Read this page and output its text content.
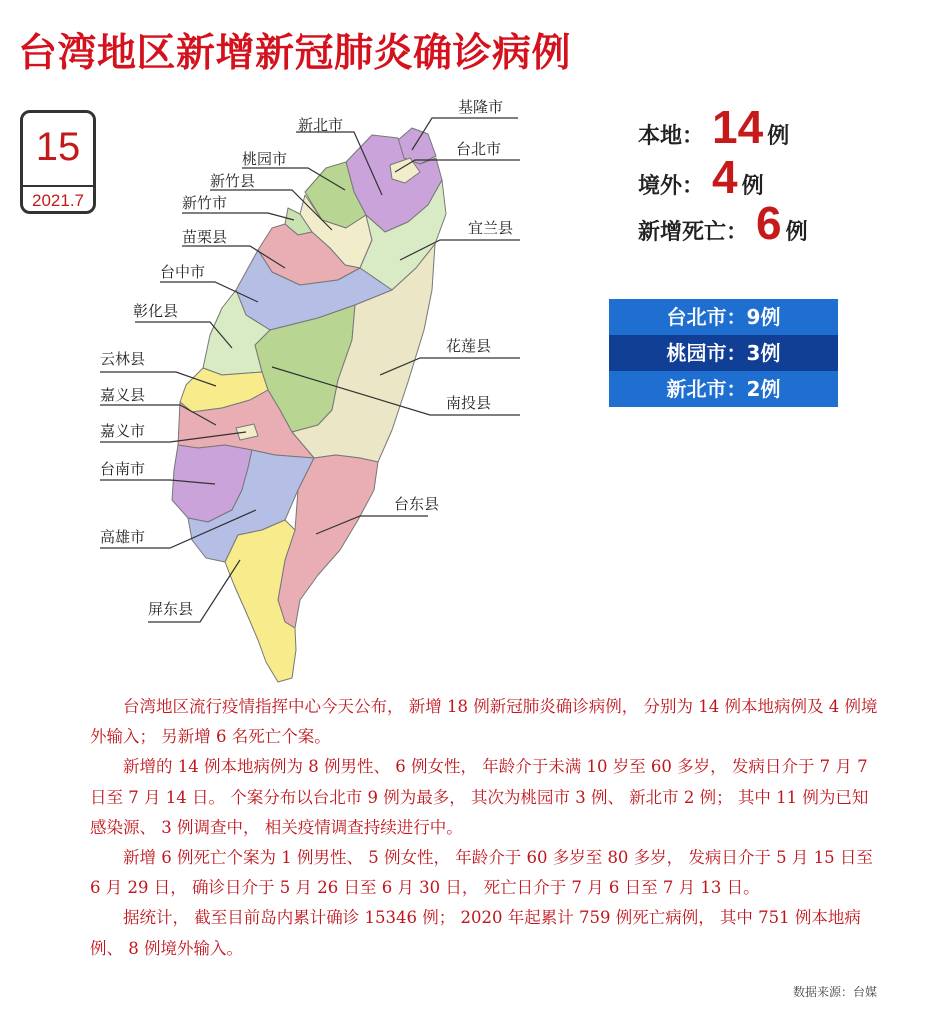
台湾地区新增新冠肺炎确诊病例
15
2021.7
基隆市
台北市
新北市
桃园市
新竹县
新竹市
苗栗县	宜兰县
台中市
彰化县
花莲县
南投县
云林县
嘉义县
嘉义市
台南市
高雄市
台东县
屏东县
本地： 14 例
境外： 4 例
新增死亡： 6 例
台北市：9例
桃园市：3例
新北市：2例

台湾地区流行疫情指挥中心今天公布， 新增 18 例新冠肺炎确诊病例， 分别为 14 例本地病例及 4 例境外输入； 另新增 6 名死亡个案。

新增的 14 例本地病例为 8 例男性、 6 例女性， 年龄介于未满 10 岁至 60 多岁， 发病日介于 7 月 7 日至 7 月 14 日。 个案分布以台北市 9 例为最多， 其次为桃园市 3 例、 新北市 2 例； 其中 11 例为已知感染源、 3 例调查中， 相关疫情调查持续进行中。

新增 6 例死亡个案为 1 例男性、 5 例女性， 年龄介于 60 多岁至 80 多岁， 发病日介于 5 月 15 日至 6 月 29 日， 确诊日介于 5 月 26 日至 6 月 30 日， 死亡日介于 7 月 6 日至 7 月 13 日。

据统计， 截至目前岛内累计确诊 15346 例； 2020 年起累计 759 例死亡病例， 其中 751 例本地病例、 8 例境外输入。

数据来源：台媒
